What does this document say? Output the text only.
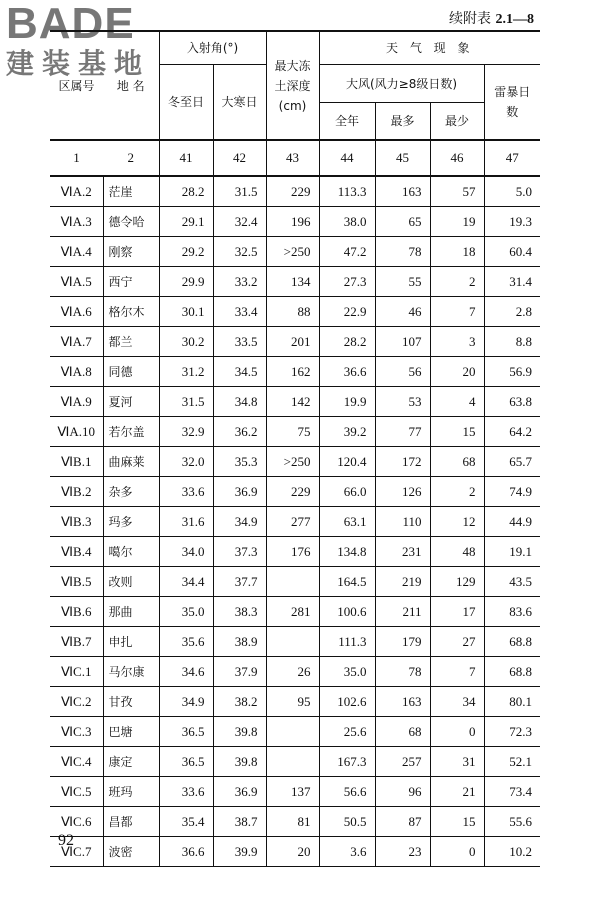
BADE
建装基地
续附表 2.1—8
区属号	地 名	入射角(°)		最大冻土深度(cm)	天 气 现 象			
		冬至日	大寒日		大风(风力≥8级日数)			雷暴日数
					全年	最多	最少	
1	2	41	42	43	44	45	46	47
ⅥA.2	茫崖	28.2	31.5	229	113.3	163	57	5.0
ⅥA.3	德令哈	29.1	32.4	196	38.0	65	19	19.3
ⅥA.4	刚察	29.2	32.5	>250	47.2	78	18	60.4
ⅥA.5	西宁	29.9	33.2	134	27.3	55	2	31.4
ⅥA.6	格尔木	30.1	33.4	88	22.9	46	7	2.8
ⅥA.7	都兰	30.2	33.5	201	28.2	107	3	8.8
ⅥA.8	同德	31.2	34.5	162	36.6	56	20	56.9
ⅥA.9	夏河	31.5	34.8	142	19.9	53	4	63.8
ⅥA.10	若尔盖	32.9	36.2	75	39.2	77	15	64.2
ⅥB.1	曲麻莱	32.0	35.3	>250	120.4	172	68	65.7
ⅥB.2	杂多	33.6	36.9	229	66.0	126	2	74.9
ⅥB.3	玛多	31.6	34.9	277	63.1	110	12	44.9
ⅥB.4	噶尔	34.0	37.3	176	134.8	231	48	19.1
ⅥB.5	改则	34.4	37.7		164.5	219	129	43.5
ⅥB.6	那曲	35.0	38.3	281	100.6	211	17	83.6
ⅥB.7	申扎	35.6	38.9		111.3	179	27	68.8
ⅥC.1	马尔康	34.6	37.9	26	35.0	78	7	68.8
ⅥC.2	甘孜	34.9	38.2	95	102.6	163	34	80.1
ⅥC.3	巴塘	36.5	39.8		25.6	68	0	72.3
ⅥC.4	康定	36.5	39.8		167.3	257	31	52.1
ⅥC.5	班玛	33.6	36.9	137	56.6	96	21	73.4
ⅥC.6	昌都	35.4	38.7	81	50.5	87	15	55.6
ⅥC.7	波密	36.6	39.9	20	3.6	23	0	10.2
92
